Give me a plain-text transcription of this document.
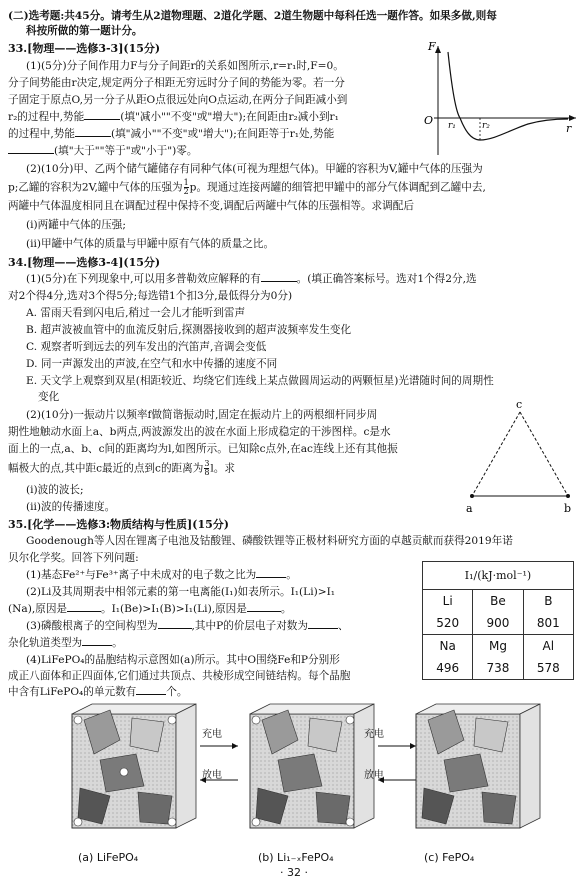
(二)选考题:共45分。请考生从2道物理题、2道化学题、2道生物题中每科任选一题作答。如果多做,则每
科按所做的第一题计分。
33.[物理——选修3-3](15分)
(1)(5分)分子间作用力F与分子间距r的关系如图所示,r=r₁时,F=0。
分子间势能由r决定,规定两分子相距无穷远时分子间的势能为零。若一分
子固定于原点O,另一分子从距O点很远处向O点运动,在两分子间距减小到
r₂的过程中,势能	(填"减小""不变"或"增大");在间距由r₂减小到r₁
的过程中,势能	(填"减小""不变"或"增大");在间距等于r₁处,势能
(填"大于""等于"或"小于")零。
F
O r₁	r₂	r
(2)(10分)甲、乙两个储气罐储存有同种气体(可视为理想气体)。甲罐的容积为V,罐中气体的压强为
p;乙罐的容积为2V,罐中气体的压强为 $\frac{1}{2}$ p。现通过连接两罐的细管把甲罐中的部分气体调配到乙罐中去,
两罐中气体温度相同且在调配过程中保持不变,调配后两罐中气体的压强相等。求调配后
(i)两罐中气体的压强;
(ii)甲罐中气体的质量与甲罐中原有气体的质量之比。
34.[物理——选修3-4](15分)
(1)(5分)在下列现象中,可以用多普勒效应解释的有	。(填正确答案标号。选对1个得2分,选
对2个得4分,选对3个得5分;每选错1个扣3分,最低得分为0分)
A. 雷雨天看到闪电后,稍过一会儿才能听到雷声
B. 超声波被血管中的血流反射后,探测器接收到的超声波频率发生变化
C. 观察者听到远去的列车发出的汽笛声,音调会变低
D. 同一声源发出的声波,在空气和水中传播的速度不同
E. 天文学上观察到双星(相距较近、均绕它们连线上某点做圆周运动的两颗恒星)光谱随时间的周期性
变化
(2)(10分)一振动片以频率f做简谐振动时,固定在振动片上的两根细杆同步周
期性地触动水面上a、b两点,两波源发出的波在水面上形成稳定的干涉图样。c是水
面上的一点,a、b、c间的距离均为l,如图所示。已知除c点外,在ac连线上还有其他振
幅极大的点,其中距c最近的点到c的距离为 $\frac{3}{8}$ l。求
(i)波的波长;
(ii)波的传播速度。
c
a	b
35.[化学——选修3:物质结构与性质](15分)
Goodenough等人因在锂离子电池及钴酸锂、磷酸铁锂等正极材料研究方面的卓越贡献而获得2019年诺
贝尔化学奖。回答下列问题:
(1)基态Fe²⁺与Fe³⁺离子中未成对的电子数之比为	。
(2)Li及其周期表中相邻元素的第一电离能(I₁)如表所示。I₁(Li)>I₁
(Na),原因是	。I₁(Be)>I₁(B)>I₁(Li),原因是	。
(3)磷酸根离子的空间构型为	,其中P的价层电子对数为	、
杂化轨道类型为	。
(4)LiFePO₄的晶胞结构示意图如(a)所示。其中O围绕Fe和P分别形
成正八面体和正四面体,它们通过共顶点、共棱形成空间链结构。每个晶胞
中含有LiFePO₄的单元数有	个。
I₁/(kJ·mol⁻¹)		
Li	Be	B
520	900	801
Na	Mg	Al
496	738	578
充电
放电
充电
放电
(a) LiFePO₄	(b) Li₁₋ₓFePO₄	(c) FePO₄
· 32 ·
